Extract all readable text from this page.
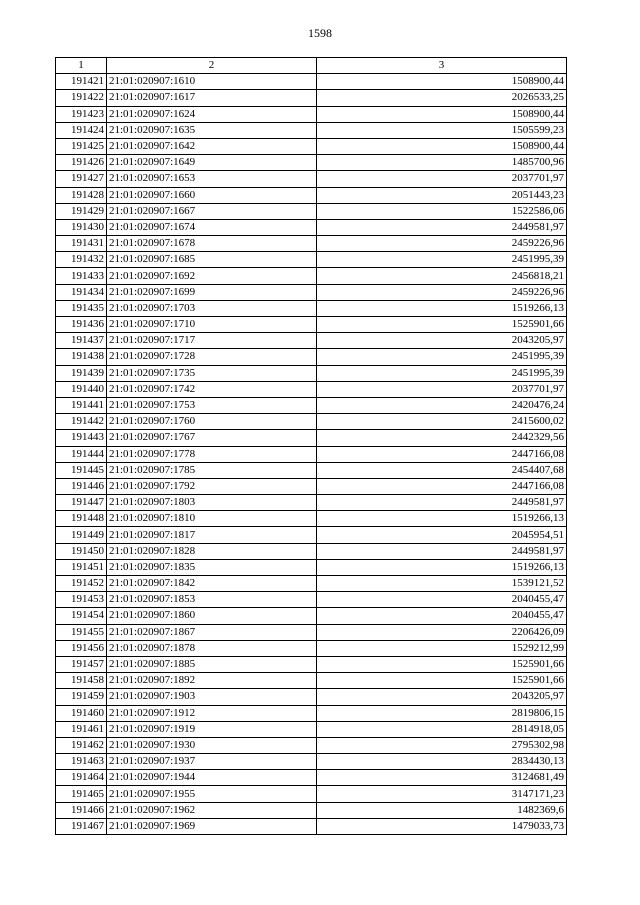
1598
1	2	3
191421	21:01:020907:1610	1508900,44
191422	21:01:020907:1617	2026533,25
191423	21:01:020907:1624	1508900,44
191424	21:01:020907:1635	1505599,23
191425	21:01:020907:1642	1508900,44
191426	21:01:020907:1649	1485700,96
191427	21:01:020907:1653	2037701,97
191428	21:01:020907:1660	2051443,23
191429	21:01:020907:1667	1522586,06
191430	21:01:020907:1674	2449581,97
191431	21:01:020907:1678	2459226,96
191432	21:01:020907:1685	2451995,39
191433	21:01:020907:1692	2456818,21
191434	21:01:020907:1699	2459226,96
191435	21:01:020907:1703	1519266,13
191436	21:01:020907:1710	1525901,66
191437	21:01:020907:1717	2043205,97
191438	21:01:020907:1728	2451995,39
191439	21:01:020907:1735	2451995,39
191440	21:01:020907:1742	2037701,97
191441	21:01:020907:1753	2420476,24
191442	21:01:020907:1760	2415600,02
191443	21:01:020907:1767	2442329,56
191444	21:01:020907:1778	2447166,08
191445	21:01:020907:1785	2454407,68
191446	21:01:020907:1792	2447166,08
191447	21:01:020907:1803	2449581,97
191448	21:01:020907:1810	1519266,13
191449	21:01:020907:1817	2045954,51
191450	21:01:020907:1828	2449581,97
191451	21:01:020907:1835	1519266,13
191452	21:01:020907:1842	1539121,52
191453	21:01:020907:1853	2040455,47
191454	21:01:020907:1860	2040455,47
191455	21:01:020907:1867	2206426,09
191456	21:01:020907:1878	1529212,99
191457	21:01:020907:1885	1525901,66
191458	21:01:020907:1892	1525901,66
191459	21:01:020907:1903	2043205,97
191460	21:01:020907:1912	2819806,15
191461	21:01:020907:1919	2814918,05
191462	21:01:020907:1930	2795302,98
191463	21:01:020907:1937	2834430,13
191464	21:01:020907:1944	3124681,49
191465	21:01:020907:1955	3147171,23
191466	21:01:020907:1962	1482369,6
191467	21:01:020907:1969	1479033,73
